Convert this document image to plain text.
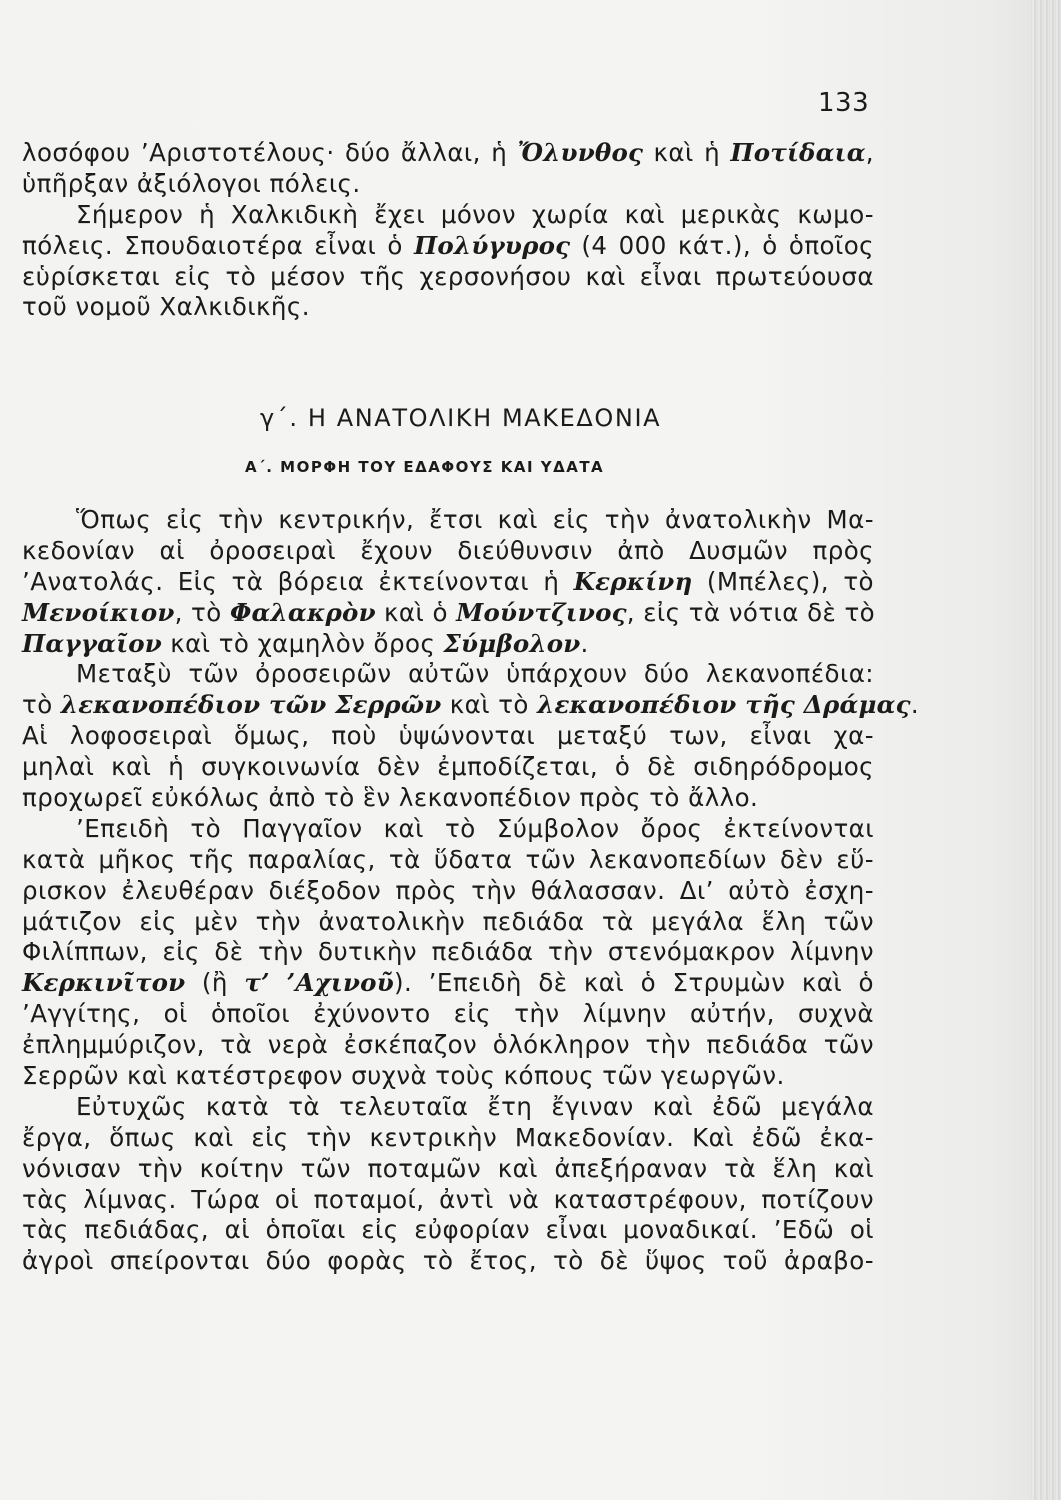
133
λοσόφου ’Αριστοτέλους· δύο ἄλλαι, ἡ Ὄλυνθος καὶ ἡ Ποτίδαια,
ὑπῆρξαν ἀξιόλογοι πόλεις.
Σήμερον ἡ Χαλκιδικὴ ἔχει μόνον χωρία καὶ μερικὰς κωμο-
πόλεις. Σπουδαιοτέρα εἶναι ὁ Πολύγυρος (4 000 κάτ.), ὁ ὁποῖος
εὑρίσκεται εἰς τὸ μέσον τῆς χερσονήσου καὶ εἶναι πρωτεύουσα
τοῦ νομοῦ Χαλκιδικῆς.
γ΄. Η ΑΝΑΤΟΛΙΚΗ ΜΑΚΕΔΟΝΙΑ
Α΄. ΜΟΡΦΗ ΤΟΥ ΕΔΑΦΟΥΣ ΚΑΙ ΥΔΑΤΑ
Ὅπως εἰς τὴν κεντρικήν, ἔτσι καὶ εἰς τὴν ἀνατολικὴν Μα-
κεδονίαν αἱ ὀροσειραὶ ἔχουν διεύθυνσιν ἀπὸ Δυσμῶν πρὸς
’Ανατολάς. Εἰς τὰ βόρεια ἐκτείνονται ἡ Κερκίνη (Μπέλες), τὸ
Μενοίκιον, τὸ Φαλακρὸν καὶ ὁ Μούντζινος, εἰς τὰ νότια δὲ τὸ
Παγγαῖον καὶ τὸ χαμηλὸν ὄρος Σύμβολον.
Μεταξὺ τῶν ὀροσειρῶν αὐτῶν ὑπάρχουν δύο λεκανοπέδια:
τὸ λεκανοπέδιον τῶν Σερρῶν καὶ τὸ λεκανοπέδιον τῆς Δράμας.
Αἱ λοφοσειραὶ ὅμως, ποὺ ὑψώνονται μεταξύ των, εἶναι χα-
μηλαὶ καὶ ἡ συγκοινωνία δὲν ἐμποδίζεται, ὁ δὲ σιδηρόδρομος
προχωρεῖ εὐκόλως ἀπὸ τὸ ἓν λεκανοπέδιον πρὸς τὸ ἄλλο.
’Επειδὴ τὸ Παγγαῖον καὶ τὸ Σύμβολον ὄρος ἐκτείνονται
κατὰ μῆκος τῆς παραλίας, τὰ ὕδατα τῶν λεκανοπεδίων δὲν εὕ-
ρισκον ἐλευθέραν διέξοδον πρὸς τὴν θάλασσαν. Δι’ αὐτὸ ἐσχη-
μάτιζον εἰς μὲν τὴν ἀνατολικὴν πεδιάδα τὰ μεγάλα ἕλη τῶν
Φιλίππων, εἰς δὲ τὴν δυτικὴν πεδιάδα τὴν στενόμακρον λίμνην
Κερκινῖτον (ἢ τ’ ’Αχινοῦ). ’Επειδὴ δὲ καὶ ὁ Στρυμὼν καὶ ὁ
’Αγγίτης, οἱ ὁποῖοι ἐχύνοντο εἰς τὴν λίμνην αὐτήν, συχνὰ
ἐπλημμύριζον, τὰ νερὰ ἐσκέπαζον ὁλόκληρον τὴν πεδιάδα τῶν
Σερρῶν καὶ κατέστρεφον συχνὰ τοὺς κόπους τῶν γεωργῶν.
Εὐτυχῶς κατὰ τὰ τελευταῖα ἔτη ἔγιναν καὶ ἐδῶ μεγάλα
ἔργα, ὅπως καὶ εἰς τὴν κεντρικὴν Μακεδονίαν. Καὶ ἐδῶ ἐκα-
νόνισαν τὴν κοίτην τῶν ποταμῶν καὶ ἀπεξήραναν τὰ ἕλη καὶ
τὰς λίμνας. Τώρα οἱ ποταμοί, ἀντὶ νὰ καταστρέφουν, ποτίζουν
τὰς πεδιάδας, αἱ ὁποῖαι εἰς εὐφορίαν εἶναι μοναδικαί. ’Εδῶ οἱ
ἀγροὶ σπείρονται δύο φορὰς τὸ ἔτος, τὸ δὲ ὕψος τοῦ ἀραβο-
